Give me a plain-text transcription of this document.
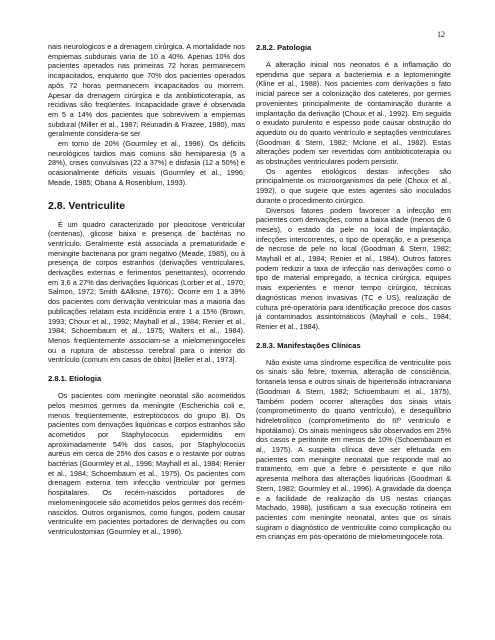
12

nais neurológicos e a drenagem cirúrgica. A mortalidade nos empiemas subdurais varia de 10 a 40%. Apenas 10% dos pacientes operados nas primeiras 72 horas permanecem incapacitados, enquanto que 70% dos pacientes operados após 72 horas permanecem incapacitados ou morrem. Apesar da drenagem cirúrgica e da antibioticoterapia, as recidivas são freqüentes. Incapacidade grave é observada em 5 a 14% dos pacientes que sobrevivem a empiemas subdural (Miller et al., 1987; Reunadin & Frazee, 1980), mas geralmente considera-se ser

em torno de 20% (Gourmley et al., 1996). Os déficits neurológicos tardios mais comuns são hemiparesia (5 a 28%), crises convulsivas (22 a 37%) e disfasia (12 a 50%) e ocasionalmente déficits visuais (Gourmley et al., 1996; Meade, 1985; Obana & Rosenblum, 1993).

2.8. Ventriculite

É um quadro caracterizado por pleocitose ventricular (centenas), glicose baixa e presença de bactérias no ventrículo. Geralmente está associada a prematuridade e meningite bacteriana por gram negativo (Meade, 1985), ou à presença de corpos estranhos (derivações ventriculares, derivações externas e ferimentos penetrantes), ocorrendo em 3,6 a 27% das derivações liquóricas (Lorber et al., 1970; Salmon, 1972; Smith &Alksne, 1976);. Ocorre em 1 a 39% dos pacientes com derivação ventricular mas a maioria das publicações relatam esta incidência entre 1 a 15% (Brown, 1993; Choux et al., 1992; Mayhall et al., 1984; Renier et al., 1984; Schoembaum et al., 1975; Walters et al., 1984). Menos freqüentemente associam-se a mielomeningoceles ou a ruptura de abscesso cerebral para o interior do ventrículo (comum em casos de óbito) [Beller et al., 1973].

2.8.1. Etiologia

Os pacientes com meningite neonatal são acometidos pelos mesmos germes da meningite (Escherichia coli e, menos freqüentemente, estreptococos do grupo B). Os pacientes com derivações liquóricas e corpos estranhos são acometidos por Staphylococus epidermiditis em aproximadamente 54% dos casos, por Staphylococus aureus em cerca de 25% dos casos e o restante por outras bactérias (Gourmley et al., 1996; Mayhall et al., 1984; Renier et al., 1984; Schoembaum et al., 1975). Os pacientes com drenagem externa tem infecção ventricular por germes hospitalares. Os recém-nascidos portadores de mielomeningocele são acometidos pelos germes dos recém-nascidos. Outros organismos, como fungos, podem causar ventriculite em pacientes portadores de derivações ou com ventriculostomias (Gourmley et al., 1996).

2.8.2. Patologia

A alteração inicial nos neonatos é a inflamação do ependima que separa a bacteriemia e a leptomeningite (Kline et al., 1988). Nos pacientes com derivações o fato inicial parece ser a colonização dos cateteres, por germes provenientes principalmente de contaminação durante a implantação da derivação (Choux et al., 1992). Em seguida o exudato purulento e espesso pode causar obstrução do aqueduto ou do quarto ventrículo e septações ventriculares (Goodman & Stern, 1982; Mclone et al., 1982). Estas alterações podem ser revertidas com antibioticoterapia ou as obstruções ventriculares podem persistir.

Os agentes etiológicos destas infecções são principalmente os microorganismos da pele (Choux et al., 1992), o que sugere que estes agentes são inoculados durante o procedimento cirúrgico.

Diversos fatores podem favorecer a infecção em pacientes com derivações, como a baixa idade (menos de 6 meses), o estado da pele no local de implantação, infecções intercorrentes, o tipo de operação, e a presença de necrose de pele no local (Goodman & Stern, 1982; Mayhall et al., 1984; Renier et al., 1984). Outros fatores podem reduzir a taxa de infecção nas derivações como o tipo de material empregado, a técnica cirúrgica, equipes mais experientes e menor tempo cirúrgico, técnicas diagnósticas menos invasivas (TC e US), realização de cultura pré-operatória para identificação precoce dos casos já contaminados assintomáticos (Mayhall e cols., 1984; Renier et al., 1984).

2.8.3. Manifestações Clínicas

Não existe uma síndrome específica de ventriculite pois os sinais são febre, toxemia, alteração de consciência, fontanela tensa e outros sinais de hipertensão intracraniana (Goodman & Stern, 1982; Schoembaum et al., 1975), Também podem ocorrer alterações dos sinais vitais (comprometimento do quarto ventrículo), e desequilíbrio hidreletrolítico (comprometimento do IIIº ventrículo e hipotálamo). Os sinais meníngeos são observados em 25% dos casos e peritonite em menos de 10% (Schoembaum et al., 1975). A suspeita clínica deve ser efetuada em pacientes com meningite neonatal que responde mal ao tratamento, em que a febre é persistente e que não apresenta melhora das alterações liquóricas (Goodman & Stern, 1982; Gourmley et al., 1996). A gravidade da doença e a facilidade de realização da US nestas crianças Machado, 1988), justificam a sua execução rotineira em pacientes com meningite neonatal, antes que os sinais sugiram o diagnóstico de ventriculite como complicação ou em crianças em pós-operatório de mielomeningocele rota.
